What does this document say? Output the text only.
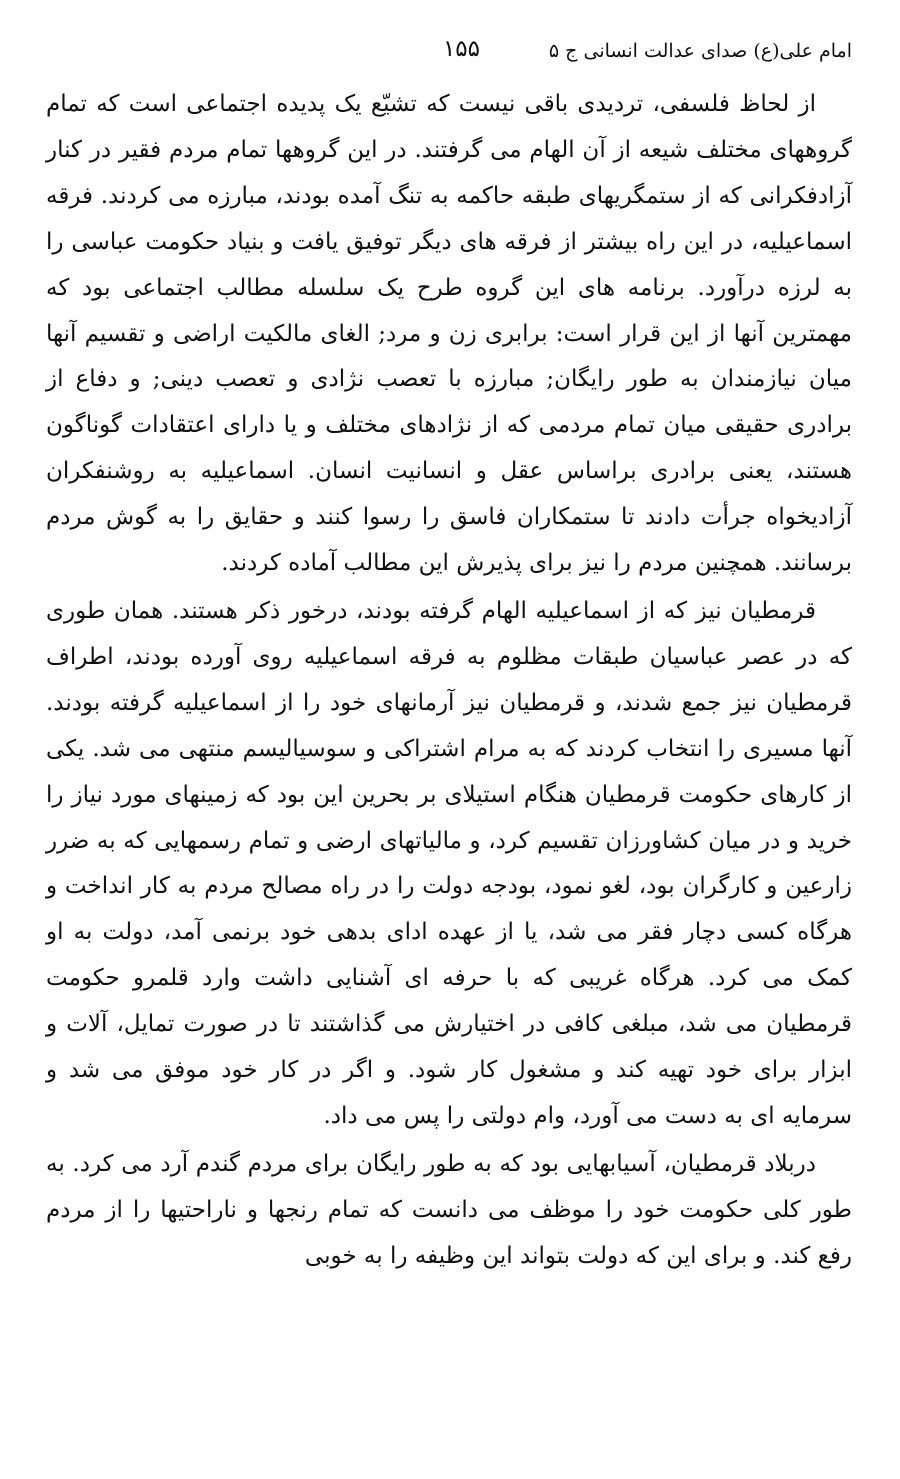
امام علی(ع) صدای عدالت انسانی ج ۵
۱۵۵

از لحاظ فلسفی، تردیدی باقی نیست که تشیّع یک پدیده اجتماعی است که تمام گروههای مختلف شیعه از آن الهام می گرفتند. در این گروهها تمام مردم فقیر در کنار آزادفکرانی که از ستمگریهای طبقه حاکمه به تنگ آمده بودند، مبارزه می کردند. فرقه اسماعیلیه، در این راه بیشتر از فرقه های دیگر توفیق یافت و بنیاد حکومت عباسی را به لرزه درآورد. برنامه های این گروه طرح یک سلسله مطالب اجتماعی بود که مهمترین آنها از این قرار است: برابری زن و مرد; الغای مالکیت اراضی و تقسیم آنها میان نیازمندان به طور رایگان; مبارزه با تعصب نژادی و تعصب دینی; و دفاع از برادری حقیقی میان تمام مردمی که از نژادهای مختلف و یا دارای اعتقادات گوناگون هستند، یعنی برادری براساس عقل و انسانیت انسان. اسماعیلیه به روشنفکران آزادیخواه جرأت دادند تا ستمکاران فاسق را رسوا کنند و حقایق را به گوش مردم برسانند. همچنین مردم را نیز برای پذیرش این مطالب آماده کردند.

قرمطیان نیز که از اسماعیلیه الهام گرفته بودند، درخور ذکر هستند. همان طوری که در عصر عباسیان طبقات مظلوم به فرقه اسماعیلیه روی آورده بودند، اطراف قرمطیان نیز جمع شدند، و قرمطیان نیز آرمانهای خود را از اسماعیلیه گرفته بودند. آنها مسیری را انتخاب کردند که به مرام اشتراکی و سوسیالیسم منتهی می شد. یکی از کارهای حکومت قرمطیان هنگام استیلای بر بحرین این بود که زمینهای مورد نیاز را خرید و در میان کشاورزان تقسیم کرد، و مالیاتهای ارضی و تمام رسمهایی که به ضرر زارعین و کارگران بود، لغو نمود، بودجه دولت را در راه مصالح مردم به کار انداخت و هرگاه کسی دچار فقر می شد، یا از عهده ادای بدهی خود برنمی آمد، دولت به او کمک می کرد. هرگاه غریبی که با حرفه ای آشنایی داشت وارد قلمرو حکومت قرمطیان می شد، مبلغی کافی در اختیارش می گذاشتند تا در صورت تمایل، آلات و ابزار برای خود تهیه کند و مشغول کار شود. و اگر در کار خود موفق می شد و سرمایه ای به دست می آورد، وام دولتی را پس می داد.

دربلاد قرمطیان، آسیابهایی بود که به طور رایگان برای مردم گندم آرد می کرد. به طور کلی حکومت خود را موظف می دانست که تمام رنجها و ناراحتیها را از مردم رفع کند. و برای این که دولت بتواند این وظیفه را به خوبی
